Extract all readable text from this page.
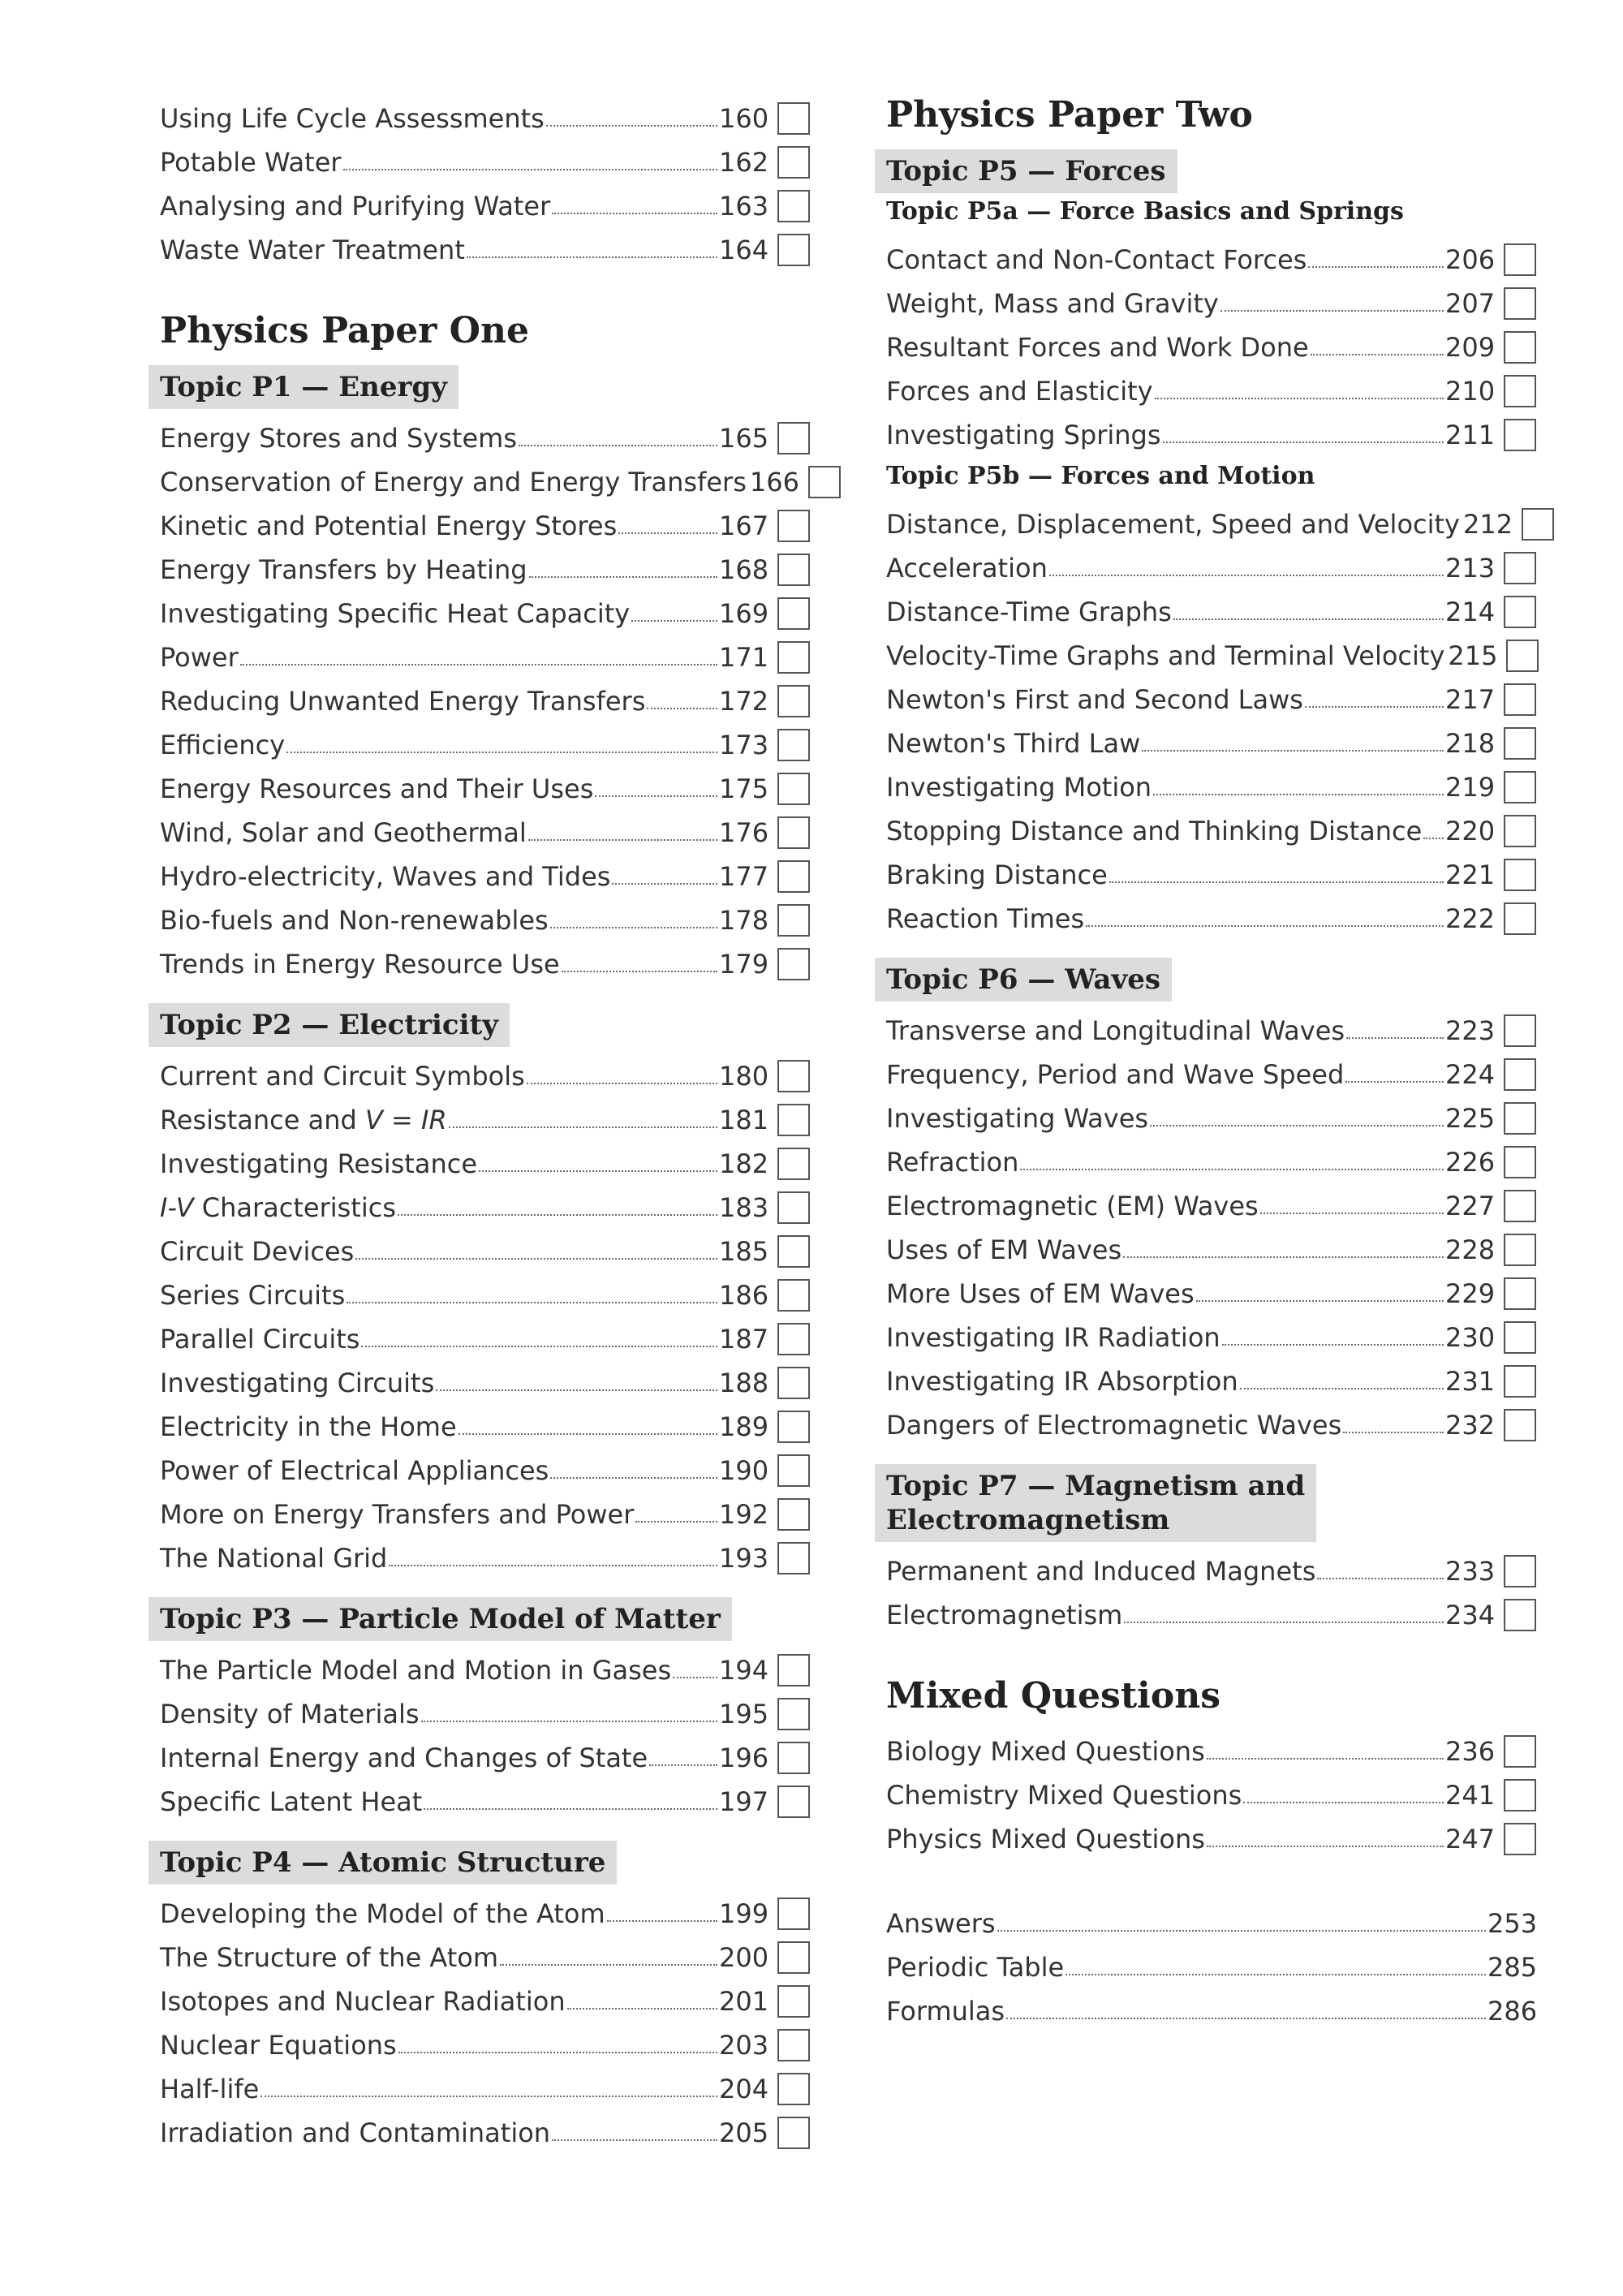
Using Life Cycle Assessments	160
Potable Water	162
Analysing and Purifying Water	163
Waste Water Treatment	164
Physics Paper One
Topic P1 — Energy
Energy Stores and Systems	165
Conservation of Energy and Energy Transfers 166
Kinetic and Potential Energy Stores	167
Energy Transfers by Heating	168
Investigating Specific Heat Capacity	169
Power	171
Reducing Unwanted Energy Transfers	172
Efficiency	173
Energy Resources and Their Uses	175
Wind, Solar and Geothermal	176
Hydro-electricity, Waves and Tides	177
Bio-fuels and Non-renewables	178
Trends in Energy Resource Use	179
Topic P2 — Electricity
Current and Circuit Symbols	180
Resistance and V = IR	181
Investigating Resistance	182
I-V Characteristics	183
Circuit Devices	185
Series Circuits	186
Parallel Circuits	187
Investigating Circuits	188
Electricity in the Home	189
Power of Electrical Appliances	190
More on Energy Transfers and Power	192
The National Grid	193
Topic P3 — Particle Model of Matter
The Particle Model and Motion in Gases 194
Density of Materials	195
Internal Energy and Changes of State	196
Specific Latent Heat	197
Topic P4 — Atomic Structure
Developing the Model of the Atom	199
The Structure of the Atom	200
Isotopes and Nuclear Radiation	201
Nuclear Equations	203
Half-life	204
Irradiation and Contamination	205
Physics Paper Two
Topic P5 — Forces
Topic P5a — Force Basics and Springs
Contact and Non-Contact Forces	206
Weight, Mass and Gravity	207
Resultant Forces and Work Done	209
Forces and Elasticity	210
Investigating Springs	211
Topic P5b — Forces and Motion
Distance, Displacement, Speed and Velocity 212
Acceleration	213
Distance-Time Graphs	214
Velocity-Time Graphs and Terminal Velocity 215
Newton's First and Second Laws	217
Newton's Third Law	218
Investigating Motion	219
Stopping Distance and Thinking Distance 220
Braking Distance	221
Reaction Times	222
Topic P6 — Waves
Transverse and Longitudinal Waves	223
Frequency, Period and Wave Speed	224
Investigating Waves	225
Refraction	226
Electromagnetic (EM) Waves	227
Uses of EM Waves	228
More Uses of EM Waves	229
Investigating IR Radiation	230
Investigating IR Absorption	231
Dangers of Electromagnetic Waves	232
Topic P7 — Magnetism and
Electromagnetism
Permanent and Induced Magnets	233
Electromagnetism	234
Mixed Questions
Biology Mixed Questions	236
Chemistry Mixed Questions	241
Physics Mixed Questions	247
Answers	253
Periodic Table	285
Formulas	286
